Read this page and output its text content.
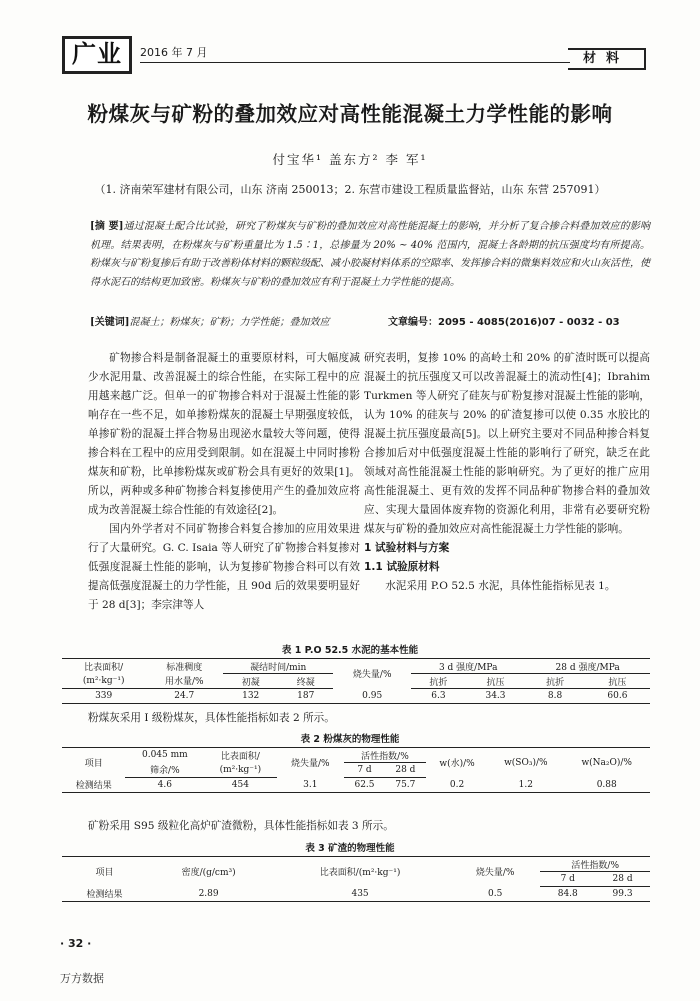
广业	2016 年 7 月	材料
粉煤灰与矿粉的叠加效应对高性能混凝土力学性能的影响
付宝华¹ 盖东方² 李 军¹
（1. 济南荣军建材有限公司，山东 济南 250013；2. 东营市建设工程质量监督站，山东 东营 257091）
[摘 要]通过混凝土配合比试验，研究了粉煤灰与矿粉的叠加效应对高性能混凝土的影响，并分析了复合掺合料叠加效应的影响机理。结果表明，在粉煤灰与矿粉重量比为 1.5∶1，总掺量为 20% ~ 40% 范围内，混凝土各龄期的抗压强度均有所提高。粉煤灰与矿粉复掺后有助于改善粉体材料的颗粒级配、减小胶凝材料体系的空隙率、发挥掺合料的微集料效应和火山灰活性，使得水泥石的结构更加致密。粉煤灰与矿粉的叠加效应有利于混凝土力学性能的提高。
[关键词]混凝土；粉煤灰；矿粉；力学性能；叠加效应	文章编号：2095 - 4085(2016)07 - 0032 - 03

矿物掺合料是制备混凝土的重要原材料，可大幅度减少水泥用量、改善混凝土的综合性能，在实际工程中的应用越来越广泛。但单一的矿物掺合料对于混凝土性能的影响存在一些不足，如单掺粉煤灰的混凝土早期强度较低，单掺矿粉的混凝土拌合物易出现泌水量较大等问题，使得掺合料在工程中的应用受到限制。如在混凝土中同时掺粉煤灰和矿粉，比单掺粉煤灰或矿粉会具有更好的效果[1]。所以，两种或多种矿物掺合料复掺使用产生的叠加效应将成为改善混凝土综合性能的有效途径[2]。

国内外学者对不同矿物掺合料复合掺加的应用效果进行了大量研究。G. C. Isaia 等人研究了矿物掺合料复掺对低强度混凝土性能的影响，认为复掺矿物掺合料可以有效提高低强度混凝土的力学性能，且 90d 后的效果要明显好于 28 d[3]；李宗津等人

研究表明，复掺 10% 的高岭土和 20% 的矿渣时既可以提高混凝土的抗压强度又可以改善混凝土的流动性[4]；Ibrahim Turkmen 等人研究了硅灰与矿粉复掺对混凝土性能的影响，认为 10% 的硅灰与 20% 的矿渣复掺可以使 0.35 水胶比的混凝土抗压强度最高[5]。以上研究主要对不同品种掺合料复合掺加后对中低强度混凝土性能的影响行了研究，缺乏在此领域对高性能混凝土性能的影响研究。为了更好的推广应用高性能混凝土、更有效的发挥不同品种矿物掺合料的叠加效应、实现大量固体废弃物的资源化利用，非常有必要研究粉煤灰与矿粉的叠加效应对高性能混凝土力学性能的影响。

1 试验材料与方案

1.1 试验原材料

水泥采用 P.O 52.5 水泥，具体性能指标见表 1。

表 1 P.O 52.5 水泥的基本性能
比表面积/	标准稠度	凝结时间/min		烧失量/%	3 d 强度/MPa		28 d 强度/MPa	
(m²·kg⁻¹)	用水量/%	初凝	终凝		抗折	抗压	抗折	抗压
339	24.7	132	187	0.95	6.3	34.3	8.8	60.6
粉煤灰采用 I 级粉煤灰，具体性能指标如表 2 所示。
表 2 粉煤灰的物理性能
项目	0.045 mm	比表面积/	烧失量/%	活性指数/%		w(水)/%	w(SO₃)/%	w(Na₂O)/%
	筛余/%	(m²·kg⁻¹)		7 d	28 d			
检测结果	4.6	454	3.1	62.5	75.7	0.2	1.2	0.88
矿粉采用 S95 级粒化高炉矿渣微粉，具体性能指标如表 3 所示。
表 3 矿渣的物理性能
项目	密度/(g/cm³)	比表面积/(m²·kg⁻¹)	烧失量/%	活性指数/%	
				7 d	28 d
检测结果	2.89	435	0.5	84.8	99.3
· 32 ·
万方数据
